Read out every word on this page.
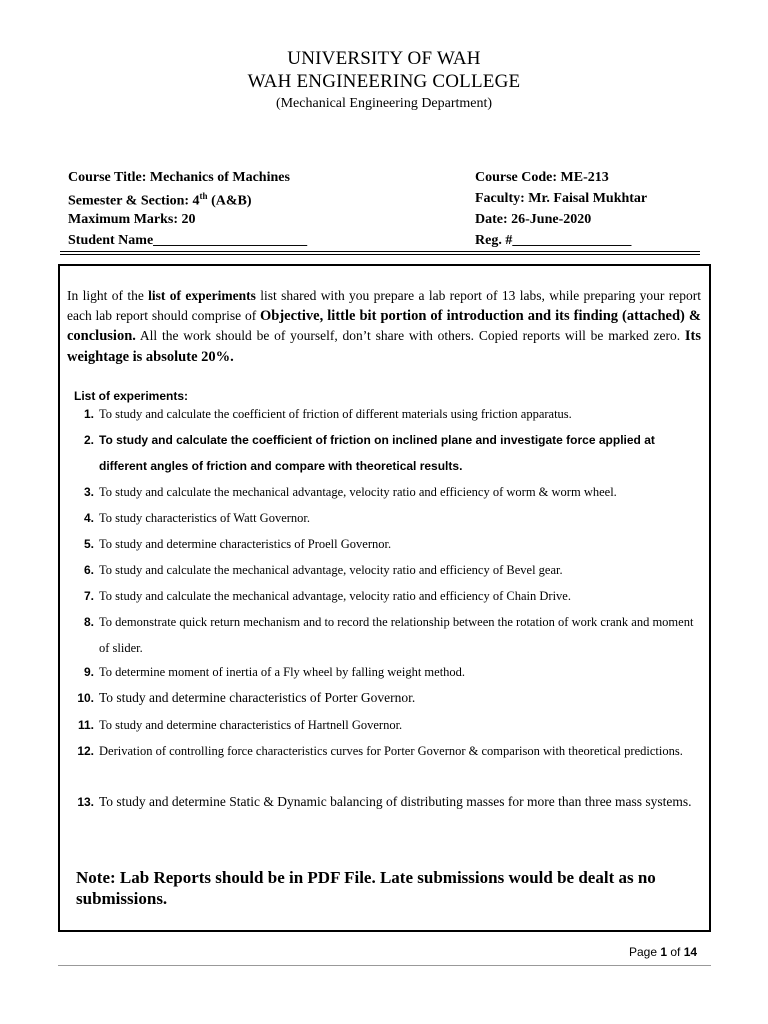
UNIVERSITY OF WAH
WAH ENGINEERING COLLEGE
(Mechanical Engineering Department)
Course Title: Mechanics of Machines
Semester & Section: 4th (A&B)
Maximum Marks: 20
Student Name______________________
Course Code: ME-213
Faculty: Mr. Faisal Mukhtar
Date: 26-June-2020
Reg. #_________________
In light of the list of experiments list shared with you prepare a lab report of 13 labs, while preparing your report each lab report should comprise of Objective, little bit portion of introduction and its finding (attached) & conclusion. All the work should be of yourself, don’t share with others. Copied reports will be marked zero. Its weightage is absolute 20%.
List of experiments:
1. To study and calculate the coefficient of friction of different materials using friction apparatus.
2. To study and calculate the coefficient of friction on inclined plane and investigate force applied at different angles of friction and compare with theoretical results.
3. To study and calculate the mechanical advantage, velocity ratio and efficiency of worm & worm wheel.
4. To study characteristics of Watt Governor.
5. To study and determine characteristics of Proell Governor.
6. To study and calculate the mechanical advantage, velocity ratio and efficiency of Bevel gear.
7. To study and calculate the mechanical advantage, velocity ratio and efficiency of Chain Drive.
8. To demonstrate quick return mechanism and to record the relationship between the rotation of work crank and moment of slider.
9. To determine moment of inertia of a Fly wheel by falling weight method.
10. To study and determine characteristics of Porter Governor.
11. To study and determine characteristics of Hartnell Governor.
12. Derivation of controlling force characteristics curves for Porter Governor & comparison with theoretical predictions.
13. To study and determine Static & Dynamic balancing of distributing masses for more than three mass systems.
Note: Lab Reports should be in PDF File. Late submissions would be dealt as no submissions.
Page 1 of 14
